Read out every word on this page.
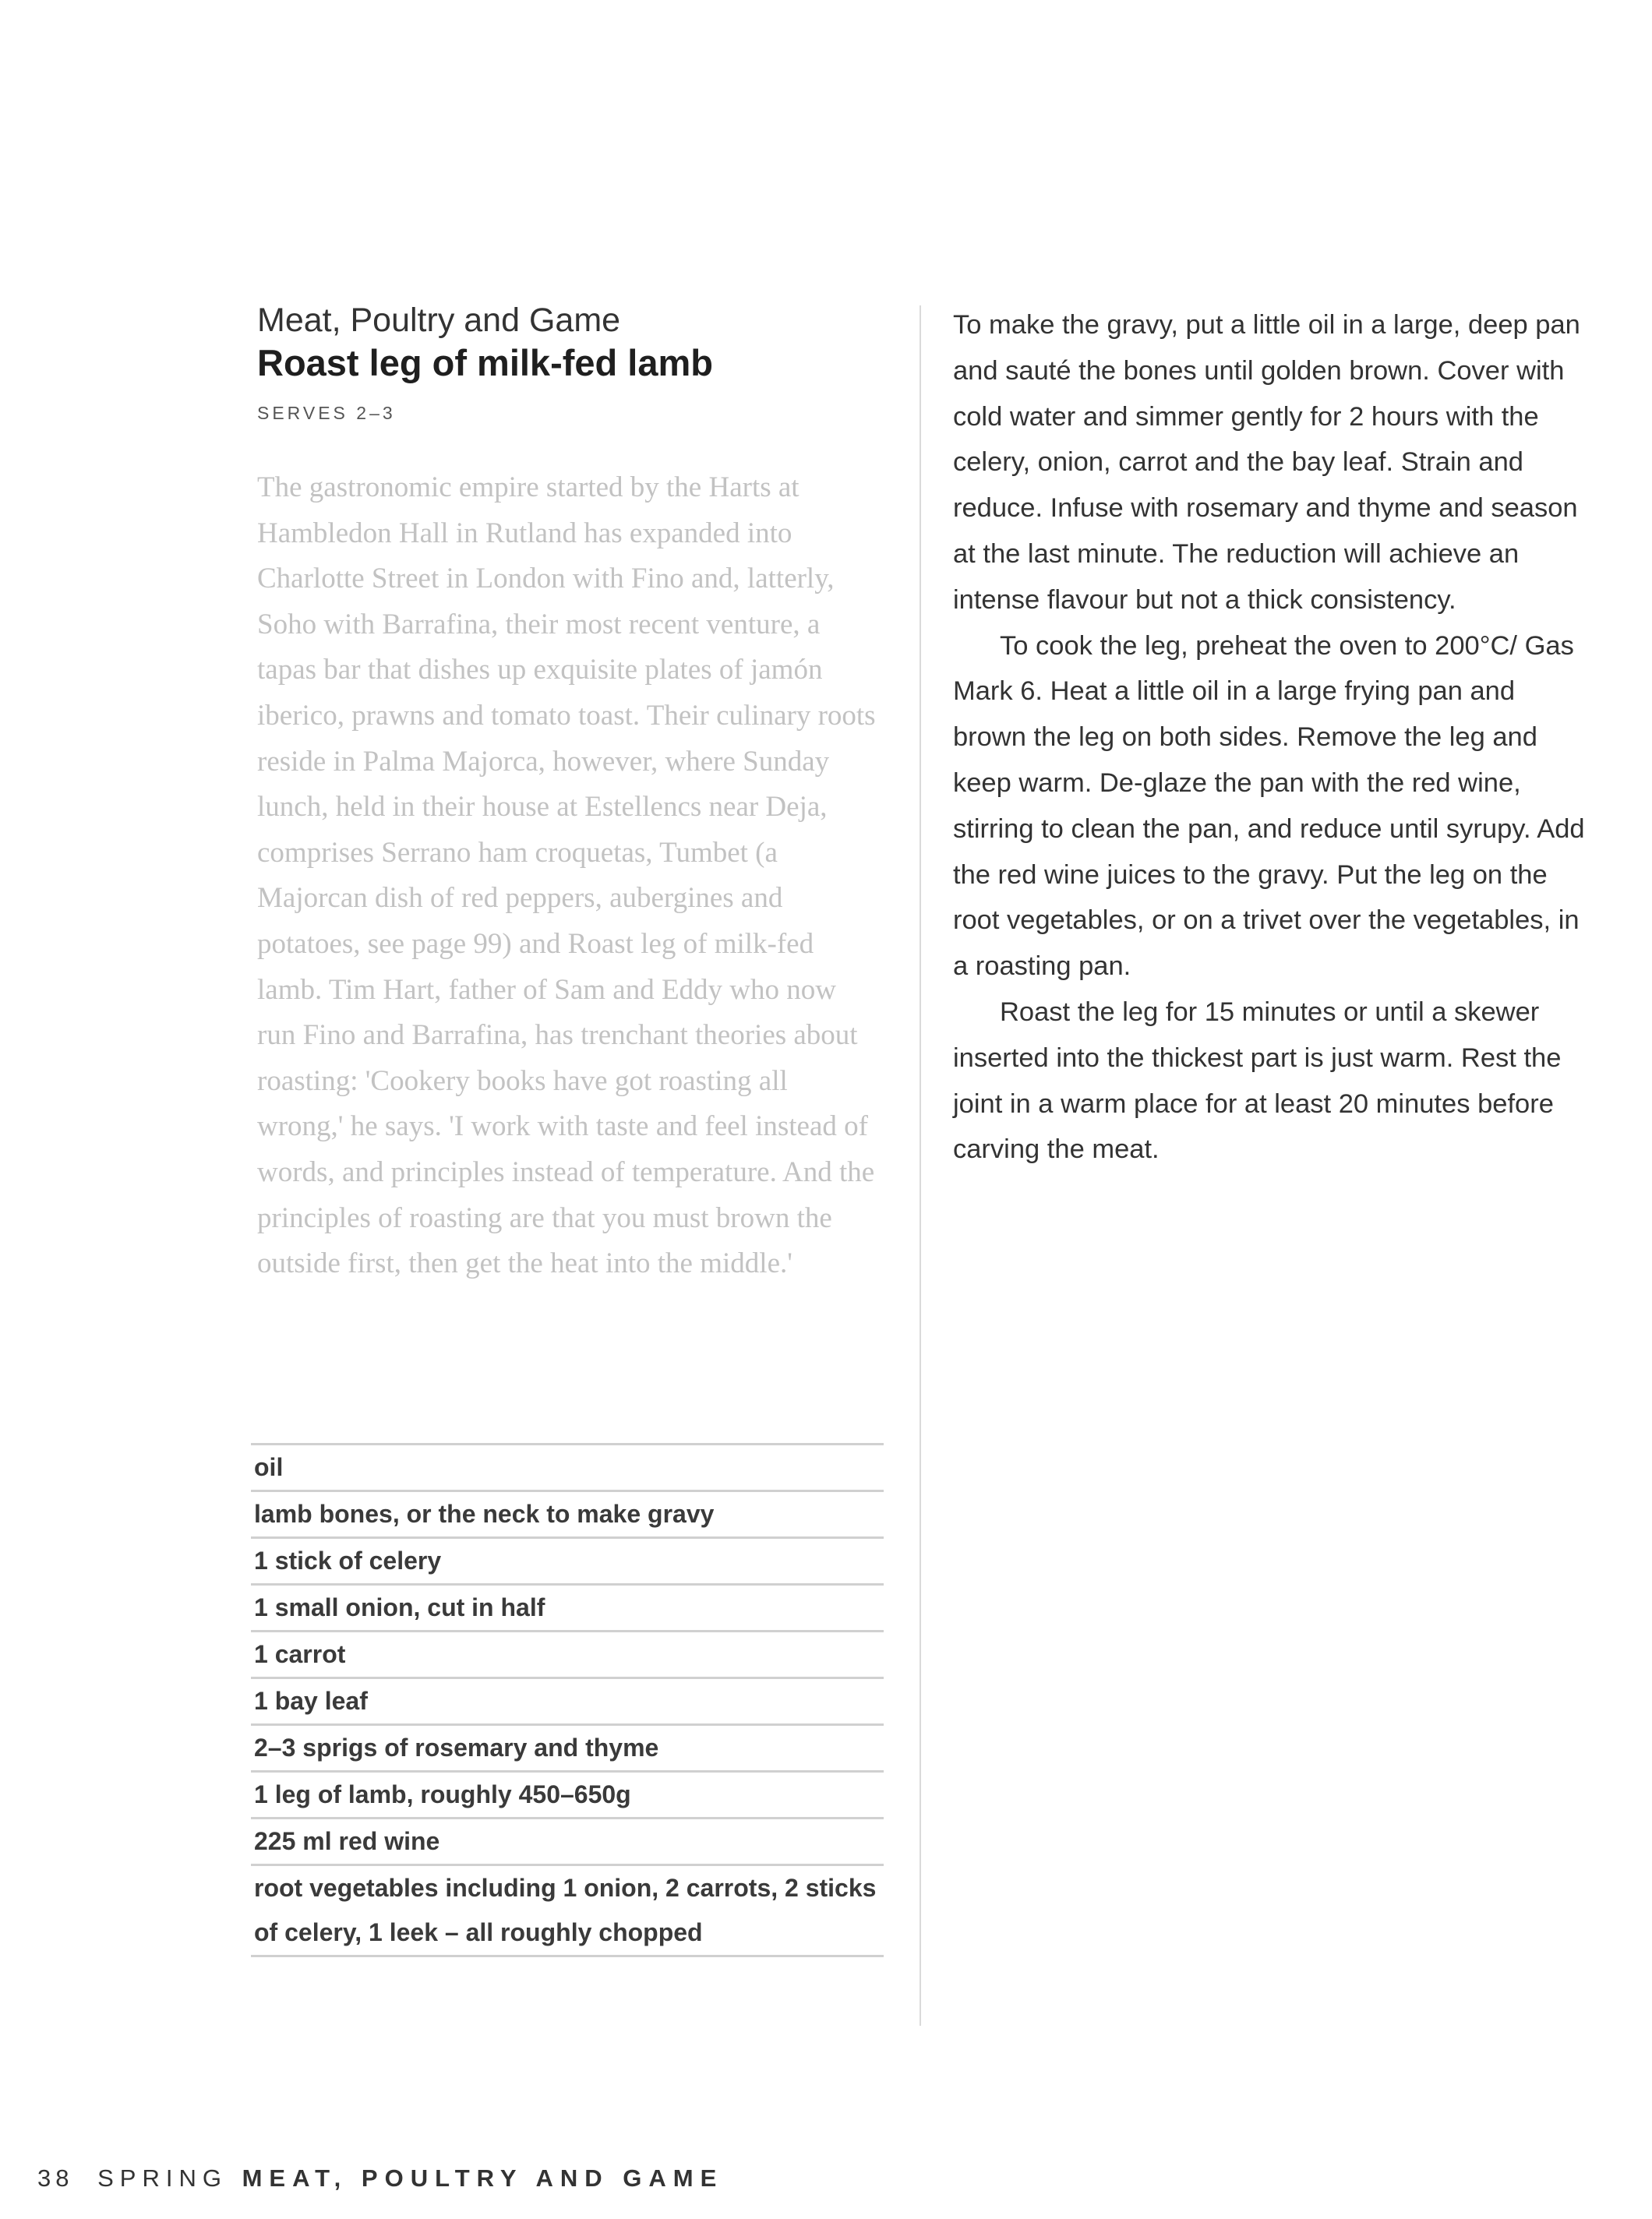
Meat, Poultry and Game
Roast leg of milk-fed lamb
SERVES 2–3
The gastronomic empire started by the Harts at Hambledon Hall in Rutland has expanded into Charlotte Street in London with Fino and, latterly, Soho with Barrafina, their most recent venture, a tapas bar that dishes up exquisite plates of jamón iberico, prawns and tomato toast. Their culinary roots reside in Palma Majorca, however, where Sunday lunch, held in their house at Estellencs near Deja, comprises Serrano ham croquetas, Tumbet (a Majorcan dish of red peppers, aubergines and potatoes, see page 99) and Roast leg of milk-fed lamb. Tim Hart, father of Sam and Eddy who now run Fino and Barrafina, has trenchant theories about roasting: 'Cookery books have got roasting all wrong,' he says. 'I work with taste and feel instead of words, and principles instead of temperature. And the principles of roasting are that you must brown the outside first, then get the heat into the middle.'
oil
lamb bones, or the neck to make gravy
1 stick of celery
1 small onion, cut in half
1 carrot
1 bay leaf
2–3 sprigs of rosemary and thyme
1 leg of lamb, roughly 450–650g
225 ml red wine
root vegetables including 1 onion, 2 carrots, 2 sticks of celery, 1 leek – all roughly chopped

To make the gravy, put a little oil in a large, deep pan and sauté the bones until golden brown. Cover with cold water and simmer gently for 2 hours with the celery, onion, carrot and the bay leaf. Strain and reduce. Infuse with rosemary and thyme and season at the last minute. The reduction will achieve an intense flavour but not a thick consistency.

To cook the leg, preheat the oven to 200°C/ Gas Mark 6. Heat a little oil in a large frying pan and brown the leg on both sides. Remove the leg and keep warm. De-glaze the pan with the red wine, stirring to clean the pan, and reduce until syrupy. Add the red wine juices to the gravy. Put the leg on the root vegetables, or on a trivet over the vegetables, in a roasting pan.

Roast the leg for 15 minutes or until a skewer inserted into the thickest part is just warm. Rest the joint in a warm place for at least 20 minutes before carving the meat.

38 SPRING MEAT, POULTRY AND GAME
